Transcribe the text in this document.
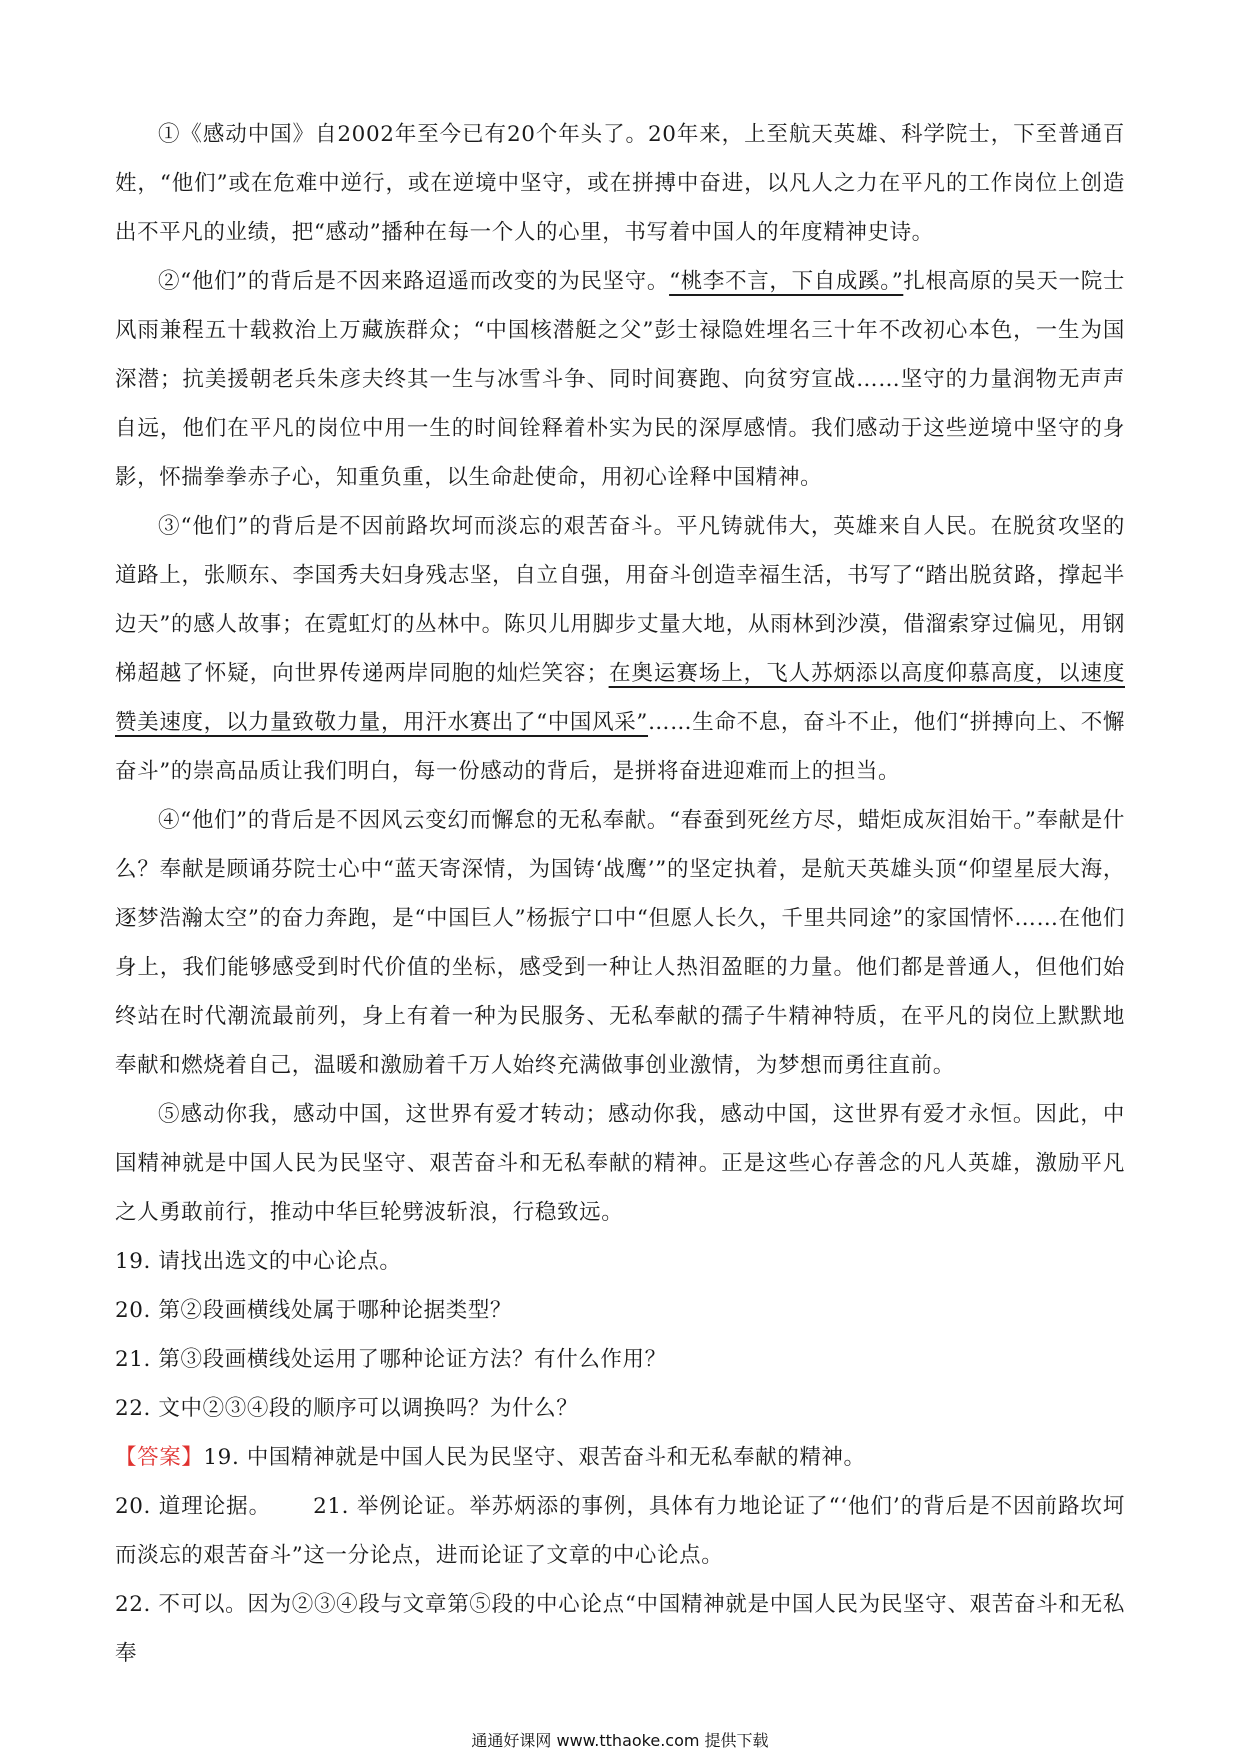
①《感动中国》自2002年至今已有20个年头了。20年来，上至航天英雄、科学院士，下至普通百姓，“他们”或在危难中逆行，或在逆境中坚守，或在拼搏中奋进，以凡人之力在平凡的工作岗位上创造出不平凡的业绩，把“感动”播种在每一个人的心里，书写着中国人的年度精神史诗。

②“他们”的背后是不因来路迢遥而改变的为民坚守。“桃李不言，下自成蹊。”扎根高原的吴天一院士风雨兼程五十载救治上万藏族群众；“中国核潜艇之父”彭士禄隐姓埋名三十年不改初心本色，一生为国深潜；抗美援朝老兵朱彦夫终其一生与冰雪斗争、同时间赛跑、向贫穷宣战……坚守的力量润物无声声自远，他们在平凡的岗位中用一生的时间铨释着朴实为民的深厚感情。我们感动于这些逆境中坚守的身影，怀揣拳拳赤子心，知重负重，以生命赴使命，用初心诠释中国精神。

③“他们”的背后是不因前路坎坷而淡忘的艰苦奋斗。平凡铸就伟大，英雄来自人民。在脱贫攻坚的道路上，张顺东、李国秀夫妇身残志坚，自立自强，用奋斗创造幸福生活，书写了“踏出脱贫路，撑起半边天”的感人故事；在霓虹灯的丛林中。陈贝儿用脚步丈量大地，从雨林到沙漠，借溜索穿过偏见，用钢梯超越了怀疑，向世界传递两岸同胞的灿烂笑容；在奥运赛场上，飞人苏炳添以高度仰慕高度，以速度赞美速度，以力量致敬力量，用汗水赛出了“中国风采”……生命不息，奋斗不止，他们“拼搏向上、不懈奋斗”的崇高品质让我们明白，每一份感动的背后，是拼将奋进迎难而上的担当。

④“他们”的背后是不因风云变幻而懈怠的无私奉献。“春蚕到死丝方尽，蜡炬成灰泪始干。”奉献是什么？奉献是顾诵芬院士心中“蓝天寄深情，为国铸‘战鹰’”的坚定执着，是航天英雄头顶“仰望星辰大海，逐梦浩瀚太空”的奋力奔跑，是“中国巨人”杨振宁口中“但愿人长久，千里共同途”的家国情怀……在他们身上，我们能够感受到时代价值的坐标，感受到一种让人热泪盈眶的力量。他们都是普通人，但他们始终站在时代潮流最前列，身上有着一种为民服务、无私奉献的孺子牛精神特质，在平凡的岗位上默默地奉献和燃烧着自己，温暖和激励着千万人始终充满做事创业激情，为梦想而勇往直前。

⑤感动你我，感动中国，这世界有爱才转动；感动你我，感动中国，这世界有爱才永恒。因此，中国精神就是中国人民为民坚守、艰苦奋斗和无私奉献的精神。正是这些心存善念的凡人英雄，激励平凡之人勇敢前行，推动中华巨轮劈波斩浪，行稳致远。

19. 请找出选文的中心论点。

20. 第②段画横线处属于哪种论据类型？

21. 第③段画横线处运用了哪种论证方法？有什么作用？

22. 文中②③④段的顺序可以调换吗？为什么？

【答案】19. 中国精神就是中国人民为民坚守、艰苦奋斗和无私奉献的精神。

20. 道理论据。 21. 举例论证。举苏炳添的事例，具体有力地论证了“‘他们’的背后是不因前路坎坷而淡忘的艰苦奋斗”这一分论点，进而论证了文章的中心论点。

22. 不可以。因为②③④段与文章第⑤段的中心论点“中国精神就是中国人民为民坚守、艰苦奋斗和无私奉

通通好课网 www.tthaoke.com 提供下载
